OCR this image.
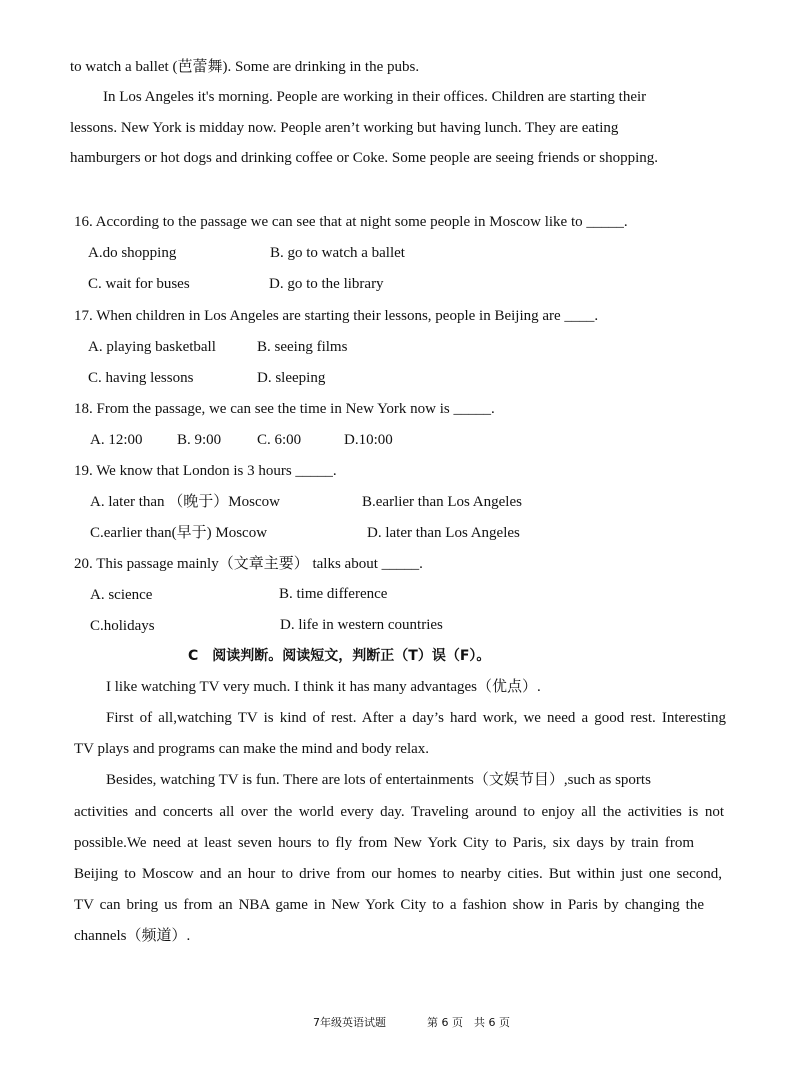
to watch a ballet (芭蕾舞). Some are drinking in the pubs.
In Los Angeles it's morning. People are working in their offices. Children are starting their
lessons. New York is midday now. People aren’t working but having lunch. They are eating
hamburgers or hot dogs and drinking coffee or Coke. Some people are seeing friends or shopping.
16. According to the passage we can see that at night some people in Moscow like to _____.
A.do shopping	B. go to watch a ballet
C. wait for buses	D. go to the library
17. When children in Los Angeles are starting their lessons, people in Beijing are ____.
A. playing basketball	B. seeing films
C. having lessons	D. sleeping
18. From the passage, we can see the time in New York now is _____.
A. 12:00 B. 9:00 C. 6:00	D.10:00
19. We know that London is 3 hours _____.
A. later than （晚于）Moscow	B.earlier than Los Angeles
C.earlier than(早于) Moscow	D. later than Los Angeles
20. This passage mainly（文章主要） talks about _____.
A. science	B. time difference
C.holidays	D. life in western countries
C　阅读判断。阅读短文，判断正（T）误（F）。
I like watching TV very much. I think it has many advantages（优点）.
First of all,watching TV is kind of rest. After a day’s hard work, we need a good rest. Interesting
TV plays and programs can make the mind and body relax.
Besides, watching TV is fun. There are lots of entertainments（文娱节目）,such as sports
activities and concerts all over the world every day. Traveling around to enjoy all the activities is not
possible.We need at least seven hours to fly from New York City to Paris, six days by train from
Beijing to Moscow and an hour to drive from our homes to nearby cities. But within just one second,
TV can bring us from an NBA game in New York City to a fashion show in Paris by changing the
channels（频道）.
7年级英语试题	第 6 页　共 6 页
